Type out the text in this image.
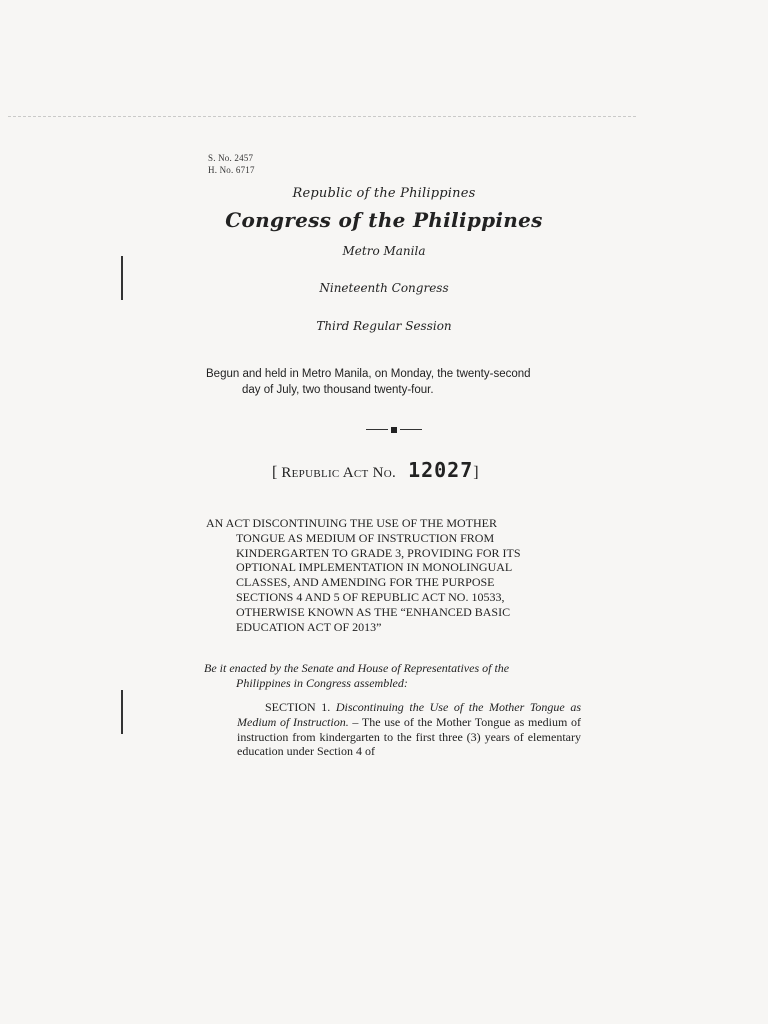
S. No. 2457
H. No. 6717
Republic of the Philippines
Congress of the Philippines
Metro Manila
Nineteenth Congress
Third Regular Session
Begun and held in Metro Manila, on Monday, the twenty-second
day of July, two thousand twenty-four.
[ Republic Act No. 12027]
AN ACT DISCONTINUING THE USE OF THE MOTHER
TONGUE AS MEDIUM OF INSTRUCTION FROM
KINDERGARTEN TO GRADE 3, PROVIDING FOR ITS
OPTIONAL IMPLEMENTATION IN MONOLINGUAL
CLASSES, AND AMENDING FOR THE PURPOSE
SECTIONS 4 AND 5 OF REPUBLIC ACT NO. 10533,
OTHERWISE KNOWN AS THE “ENHANCED BASIC
EDUCATION ACT OF 2013”
Be it enacted by the Senate and House of Representatives of the
Philippines in Congress assembled:
SECTION 1. Discontinuing the Use of the Mother Tongue as Medium of Instruction. – The use of the Mother Tongue as medium of instruction from kindergarten to the first three (3) years of elementary education under Section 4 of
